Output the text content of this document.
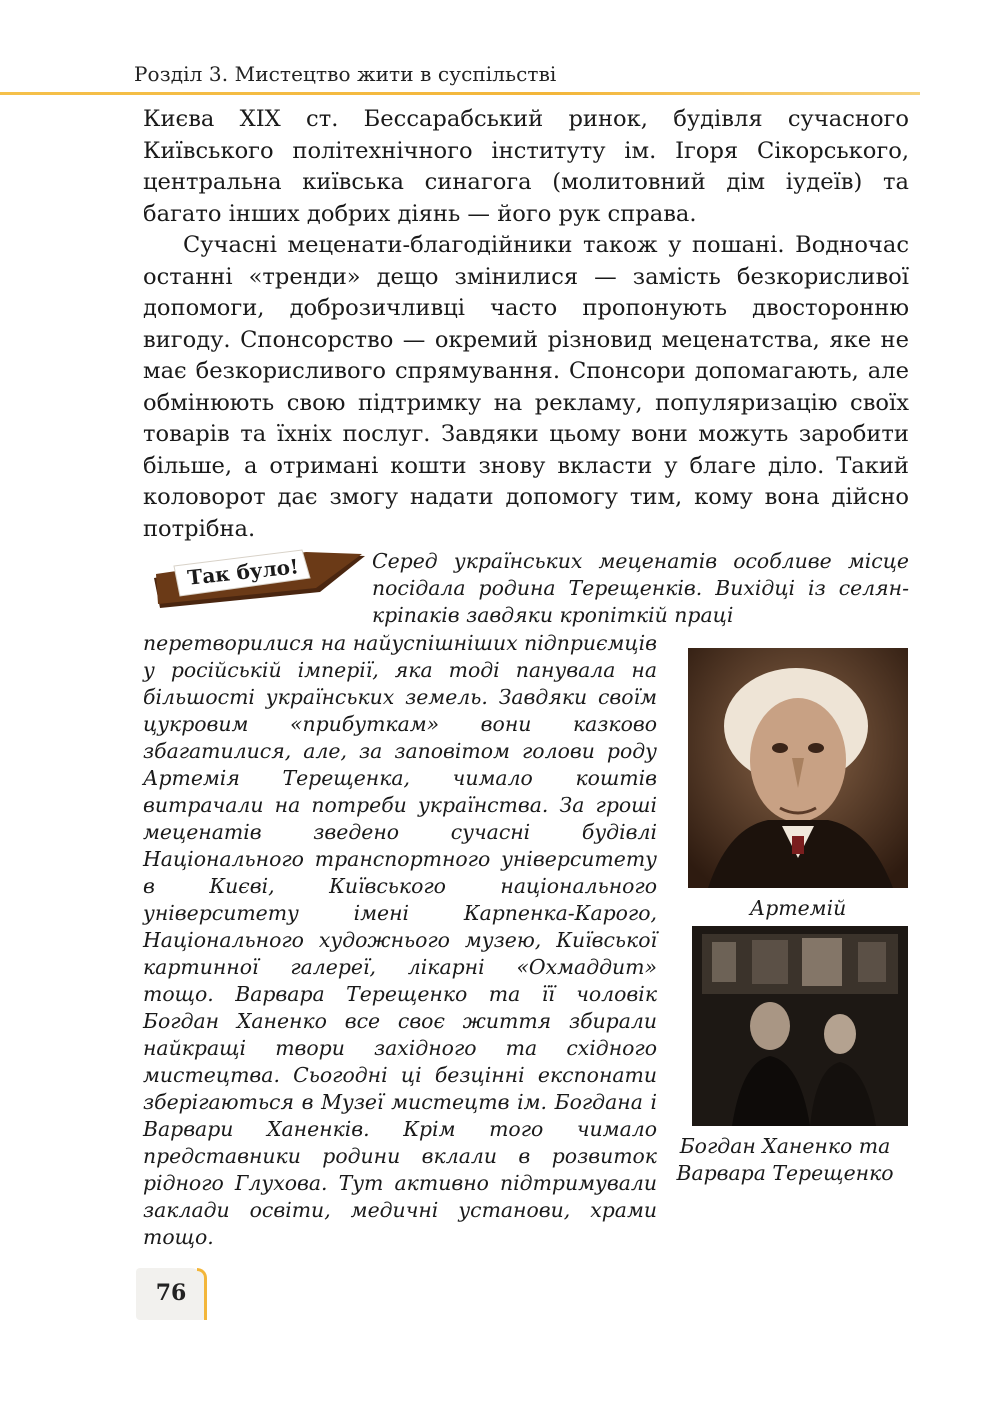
Розділ 3. Мистецтво жити в суспільстві

Києва XIX ст. Бессарабський ринок, будівля сучасного Київського політехнічного інституту ім. Ігоря Сікорського, центральна київська синагога (молитовний дім іудеїв) та багато інших добрих діянь — його рук справа.

Сучасні меценати-благодійники також у пошані. Водночас останні «тренди» дещо змінилися — замість безкорисливої допомоги, доброзичливці часто пропонують двосторонню вигоду. Спонсорство — окремий різновид меценатства, яке не має безкорисливого спрямування. Спонсори допомагають, але обмінюють свою підтримку на рекламу, популяризацію своїх товарів та їхніх послуг. Завдяки цьому вони можуть заробити більше, а отримані кошти знову вкласти у благе діло. Такий коловорот дає змогу надати допомогу тим, кому вона дійсно потрібна.

Так було!	Серед українських меценатів особливе місце посідала родина Терещенків. Вихідці із селян-кріпаків завдяки кропіткій праці
перетворилися на найуспішніших підприємців у російській імперії, яка тоді панувала на більшості українських земель. Завдяки своїм цукровим «прибуткам» вони казково збагатилися, але, за заповітом голови роду Артемія Терещенка, чимало коштів витрачали на потреби українства. За гроші меценатів зведено сучасні будівлі Національного транспортного університету в Києві, Київського національного університету імені Карпенка-Карого, Національного художнього музею, Київської картинної галереї, лікарні «Охмаддит» тощо. Варвара Терещенко та її чоловік Богдан Ханенко все своє життя збирали найкращі твори західного та східного мистецтва. Сьогодні ці безцінні експонати зберігаються в Музеї мистецтв ім. Богдана і Варвари Ханенків. Крім того чимало представники родини вклали в розвиток рідного Глухова. Тут активно підтримували заклади освіти, медичні установи, храми тощо.
Артемій
Богдан Ханенко та Варвара Терещенко
76
